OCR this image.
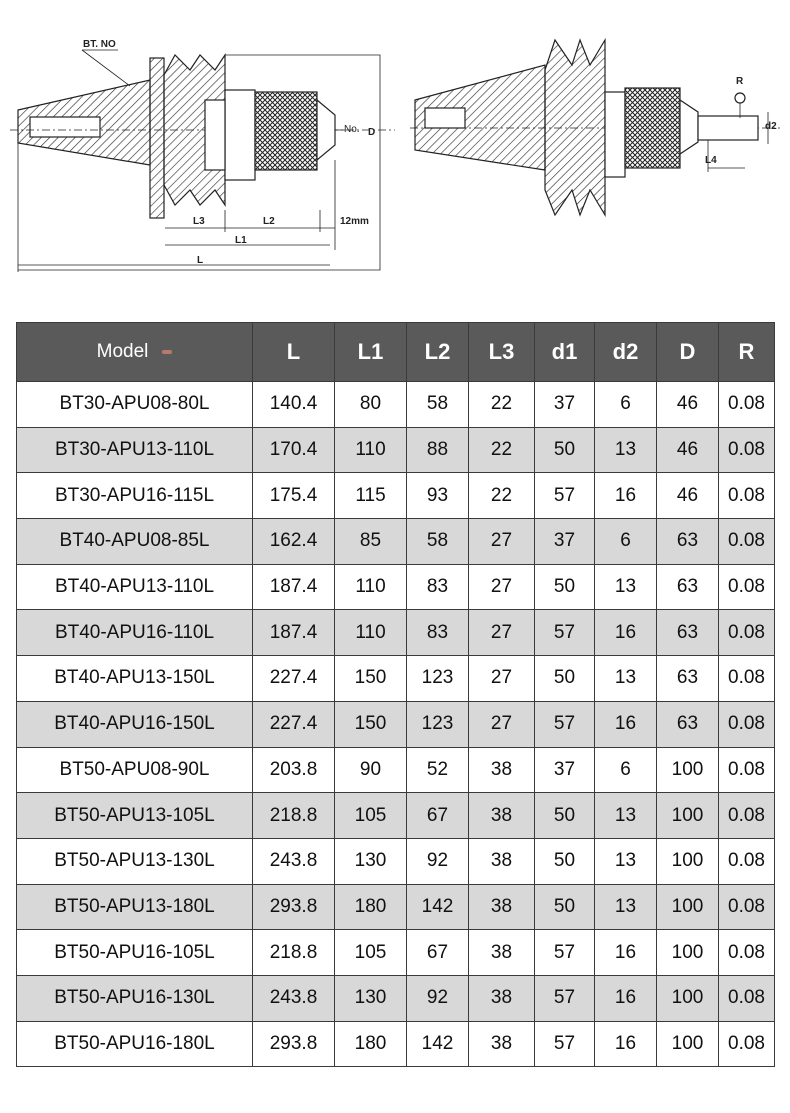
BT. NO
No. D
L3	L2	12mm
L1
L
R
d2
L4
Model	L	L1	L2	L3	d1	d2	D	R
BT30-APU08-80L	140.4	80	58	22	37	6	46	0.08
BT30-APU13-110L	170.4	110	88	22	50	13	46	0.08
BT30-APU16-115L	175.4	115	93	22	57	16	46	0.08
BT40-APU08-85L	162.4	85	58	27	37	6	63	0.08
BT40-APU13-110L	187.4	110	83	27	50	13	63	0.08
BT40-APU16-110L	187.4	110	83	27	57	16	63	0.08
BT40-APU13-150L	227.4	150	123	27	50	13	63	0.08
BT40-APU16-150L	227.4	150	123	27	57	16	63	0.08
BT50-APU08-90L	203.8	90	52	38	37	6	100	0.08
BT50-APU13-105L	218.8	105	67	38	50	13	100	0.08
BT50-APU13-130L	243.8	130	92	38	50	13	100	0.08
BT50-APU13-180L	293.8	180	142	38	50	13	100	0.08
BT50-APU16-105L	218.8	105	67	38	57	16	100	0.08
BT50-APU16-130L	243.8	130	92	38	57	16	100	0.08
BT50-APU16-180L	293.8	180	142	38	57	16	100	0.08
